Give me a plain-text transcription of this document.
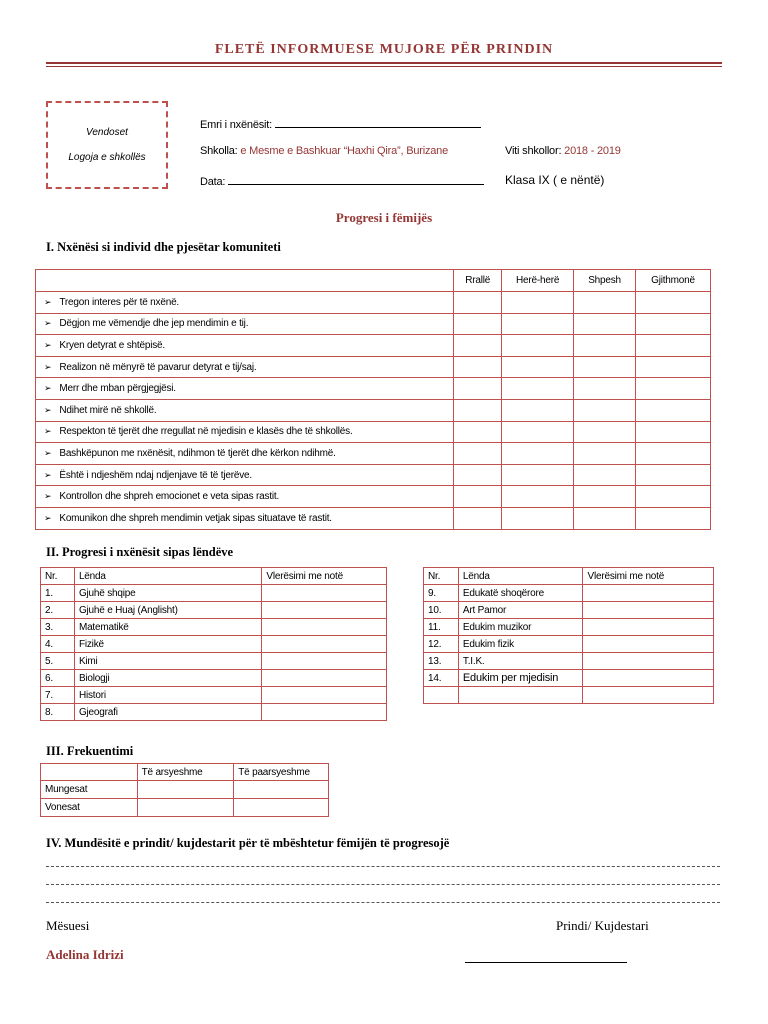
FLETË INFORMUESE MUJORE PËR PRINDIN
Vendoset
Logoja e shkollës
Emri i nxënësit:
Shkolla: e Mesme e Bashkuar “Haxhi Qira”, Burizane	Viti shkollor: 2018 - 2019
Data:	Klasa IX ( e nëntë)
Progresi i fëmijës
I. Nxënësi si individ dhe pjesëtar komuniteti
	Rrallë	Herë-herë	Shpesh	Gjithmonë
➢ Tregon interes për të nxënë.				
➢ Dëgjon me vëmendje dhe jep mendimin e tij.				
➢ Kryen detyrat e shtëpisë.				
➢ Realizon në mënyrë të pavarur detyrat e tij/saj.				
➢ Merr dhe mban përgjegjësi.				
➢ Ndihet mirë në shkollë.				
➢ Respekton të tjerët dhe rregullat në mjedisin e klasës dhe të shkollës.				
➢ Bashkëpunon me nxënësit, ndihmon të tjerët dhe kërkon ndihmë.				
➢ Është i ndjeshëm ndaj ndjenjave të të tjerëve.				
➢ Kontrollon dhe shpreh emocionet e veta sipas rastit.				
➢ Komunikon dhe shpreh mendimin vetjak sipas situatave të rastit.				
II. Progresi i nxënësit sipas lëndëve
Nr.	Lënda	Vlerësimi me notë
1.	Gjuhë shqipe	
2.	Gjuhë e Huaj (Anglisht)	
3.	Matematikë	
4.	Fizikë	
5.	Kimi	
6.	Biologji	
7.	Histori	
8.	Gjeografi	
Nr.	Lënda	Vlerësimi me notë
9.	Edukatë shoqërore	
10.	Art Pamor	
11.	Edukim muzikor	
12.	Edukim fizik	
13.	T.I.K.	
14.	Edukim per mjedisin	

III. Frekuentimi
	Të arsyeshme	Të paarsyeshme
Mungesat		
Vonesat		
IV. Mundësitë e prindit/ kujdestarit për të mbështetur fëmijën të progresojë
Mësuesi
Adelina Idrizi
Prindi/ Kujdestari
